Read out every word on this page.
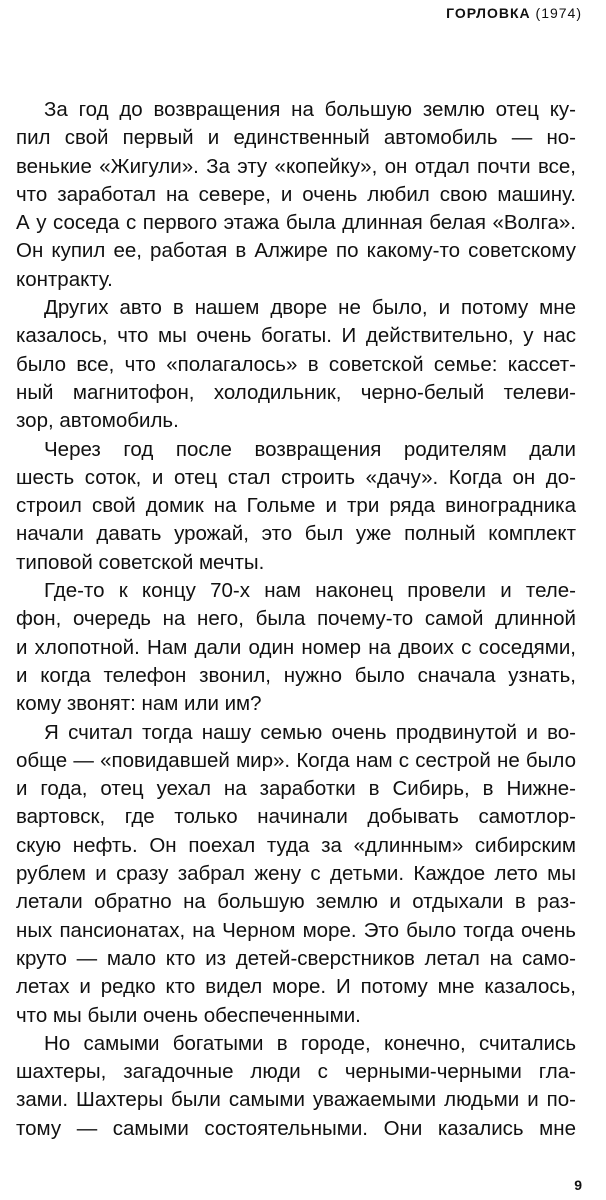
ГОРЛОВКА (1974)
За год до возвращения на большую землю отец ку-
пил свой первый и единственный автомобиль — но-
венькие «Жигули». За эту «копейку», он отдал почти все,
что заработал на севере, и очень любил свою машину.
А у соседа с первого этажа была длинная белая «Волга».
Он купил ее, работая в Алжире по какому-то советскому
контракту.
Других авто в нашем дворе не было, и потому мне
казалось, что мы очень богаты. И действительно, у нас
было все, что «полагалось» в советской семье: кассет-
ный магнитофон, холодильник, черно-белый телеви-
зор, автомобиль.
Через год после возвращения родителям дали
шесть соток, и отец стал строить «дачу». Когда он до-
строил свой домик на Гольме и три ряда виноградника
начали давать урожай, это был уже полный комплект
типовой советской мечты.
Где-то к концу 70-х нам наконец провели и теле-
фон, очередь на него, была почему-то самой длинной
и хлопотной. Нам дали один номер на двоих с соседями,
и когда телефон звонил, нужно было сначала узнать,
кому звонят: нам или им?
Я считал тогда нашу семью очень продвинутой и во-
обще — «повидавшей мир». Когда нам с сестрой не было
и года, отец уехал на заработки в Сибирь, в Нижне-
вартовск, где только начинали добывать самотлор-
скую нефть. Он поехал туда за «длинным» сибирским
рублем и сразу забрал жену с детьми. Каждое лето мы
летали обратно на большую землю и отдыхали в раз-
ных пансионатах, на Черном море. Это было тогда очень
круто — мало кто из детей-сверстников летал на само-
летах и редко кто видел море. И потому мне казалось,
что мы были очень обеспеченными.
Но самыми богатыми в городе, конечно, считались
шахтеры, загадочные люди с черными-черными гла-
зами. Шахтеры были самыми уважаемыми людьми и по-
тому — самыми состоятельными. Они казались мне
9
